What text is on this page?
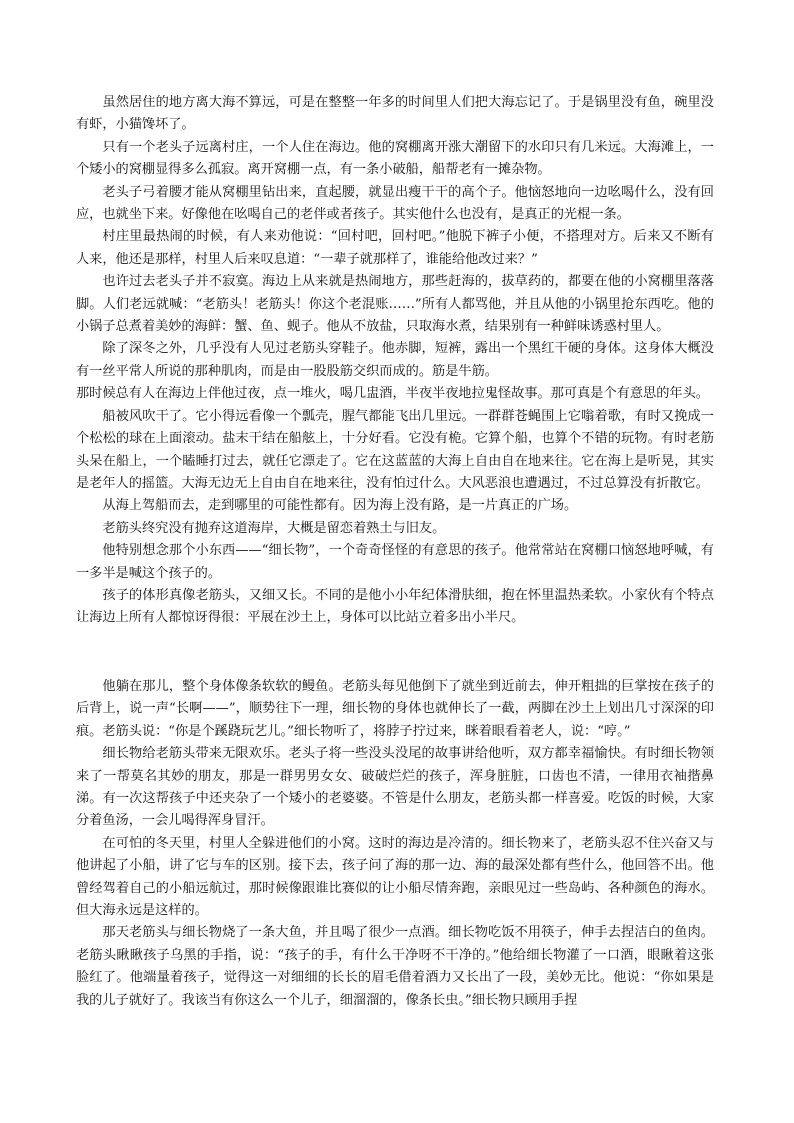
虽然居住的地方离大海不算远，可是在整整一年多的时间里人们把大海忘记了。于是锅里没有鱼，碗里没有虾，小猫馋坏了。

只有一个老头子远离村庄，一个人住在海边。他的窝棚离开涨大潮留下的水印只有几米远。大海滩上，一个矮小的窝棚显得多么孤寂。离开窝棚一点，有一条小破船，船帮老有一摊杂物。

老头子弓着腰才能从窝棚里钻出来，直起腰，就显出瘦干干的高个子。他恼怒地向一边吆喝什么，没有回应，也就坐下来。好像他在吆喝自己的老伴或者孩子。其实他什么也没有，是真正的光棍一条。

村庄里最热闹的时候，有人来劝他说：“回村吧，回村吧。”他脱下裤子小便，不搭理对方。后来又不断有人来，他还是那样，村里人后来叹息道：“一辈子就那样了，谁能给他改过来？”

也许过去老头子并不寂寞。海边上从来就是热闹地方，那些赶海的，拔草药的，都要在他的小窝棚里落落脚。人们老远就喊：“老筋头！老筋头！你这个老混账……”所有人都骂他，并且从他的小锅里抢东西吃。他的小锅子总煮着美妙的海鲜：蟹、鱼、蚬子。他从不放盐，只取海水煮，结果别有一种鲜味诱惑村里人。

除了深冬之外，几乎没有人见过老筋头穿鞋子。他赤脚，短裤，露出一个黑红干硬的身体。这身体大概没有一丝平常人所说的那种肌肉，而是由一股股筋交织而成的。筋是牛筋。

那时候总有人在海边上伴他过夜，点一堆火，喝几盅酒，半夜半夜地拉鬼怪故事。那可真是个有意思的年头。

船被风吹干了。它小得远看像一个瓢壳，腥气都能飞出几里远。一群群苍蝇围上它嗡着歌，有时又挽成一个松松的球在上面滚动。盐末干结在船舷上，十分好看。它没有桅。它算个船，也算个不错的玩物。有时老筋头呆在船上，一个瞌睡打过去，就任它漂走了。它在这蓝蓝的大海上自由自在地来往。它在海上是听晃，其实是老年人的摇篮。大海无边无上自由自在地来往，没有怕过什么。大风恶浪也遭遇过，不过总算没有折散它。

从海上驾船而去，走到哪里的可能性都有。因为海上没有路，是一片真正的广场。

老筋头终究没有抛弃这道海岸，大概是留恋着熟土与旧友。

他特别想念那个小东西——“细长物”，一个奇奇怪怪的有意思的孩子。他常常站在窝棚口恼怒地呼喊，有一多半是喊这个孩子的。

孩子的体形真像老筋头，又细又长。不同的是他小小年纪体滑肤细，抱在怀里温热柔软。小家伙有个特点让海边上所有人都惊讶得很：平展在沙土上，身体可以比站立着多出小半尺。

他躺在那儿，整个身体像条软软的鳗鱼。老筋头每见他倒下了就坐到近前去，伸开粗拙的巨掌按在孩子的后背上，说一声“长啊——”，顺势往下一理，细长物的身体也就伸长了一截，两脚在沙土上划出几寸深深的印痕。老筋头说：“你是个蹊跷玩艺儿。”细长物听了，将脖子拧过来，眯着眼看着老人，说：“哼。”

细长物给老筋头带来无限欢乐。老头子将一些没头没尾的故事讲给他听，双方都幸福愉快。有时细长物领来了一帮莫名其妙的朋友，那是一群男男女女、破破烂烂的孩子，浑身脏脏，口齿也不清，一律用衣袖揩鼻涕。有一次这帮孩子中还夹杂了一个矮小的老婆婆。不管是什么朋友，老筋头都一样喜爱。吃饭的时候，大家分着鱼汤，一会儿喝得浑身冒汗。

在可怕的冬天里，村里人全躲进他们的小窝。这时的海边是冷清的。细长物来了，老筋头忍不住兴奋又与他讲起了小船，讲了它与车的区别。接下去，孩子问了海的那一边、海的最深处都有些什么，他回答不出。他曾经驾着自己的小船远航过，那时候像跟谁比赛似的让小船尽情奔跑，亲眼见过一些岛屿、各种颜色的海水。但大海永远是这样的。

那天老筋头与细长物烧了一条大鱼，并且喝了很少一点酒。细长物吃饭不用筷子，伸手去捏洁白的鱼肉。老筋头瞅瞅孩子乌黑的手指，说：“孩子的手，有什么干净呀不干净的。”他给细长物灌了一口酒，眼瞅着这张脸红了。他端量着孩子，觉得这一对细细的长长的眉毛借着酒力又长出了一段，美妙无比。他说：“你如果是我的儿子就好了。我该当有你这么一个儿子，细溜溜的，像条长虫。”细长物只顾用手捏
